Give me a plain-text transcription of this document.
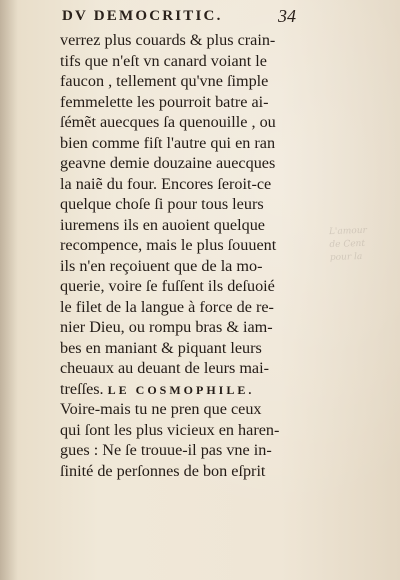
L'amour
de Cent
pour la
DV DEMOCRITIC.	34
verrez plus couards & plus crain-
tifs que n'eſt vn canard voiant le
faucon , tellement qu'vne ſimple
femmelette les pourroit batre ai-
ſémẽt auecques ſa quenouille , ou
bien comme fiſt l'autre qui en ran
geavne demie douzaine auecques
la naiẽ du four. Encores ſeroit-ce
quelque choſe ſi pour tous leurs
iuremens ils en auoient quelque
recompence, mais le plus ſouuent
ils n'en reçoiuent que de la mo-
querie, voire ſe fuſſent ils deſuoié
le filet de la langue à force de re-
nier Dieu, ou rompu bras & iam-
bes en maniant & piquant leurs
cheuaux au deuant de leurs mai-
treſſes. LE COSMOPHILE.
Voire-mais tu ne pren que ceux
qui ſont les plus vicieux en haren-
gues : Ne ſe trouue-il pas vne in-
ſinité de perſonnes de bon eſprit
